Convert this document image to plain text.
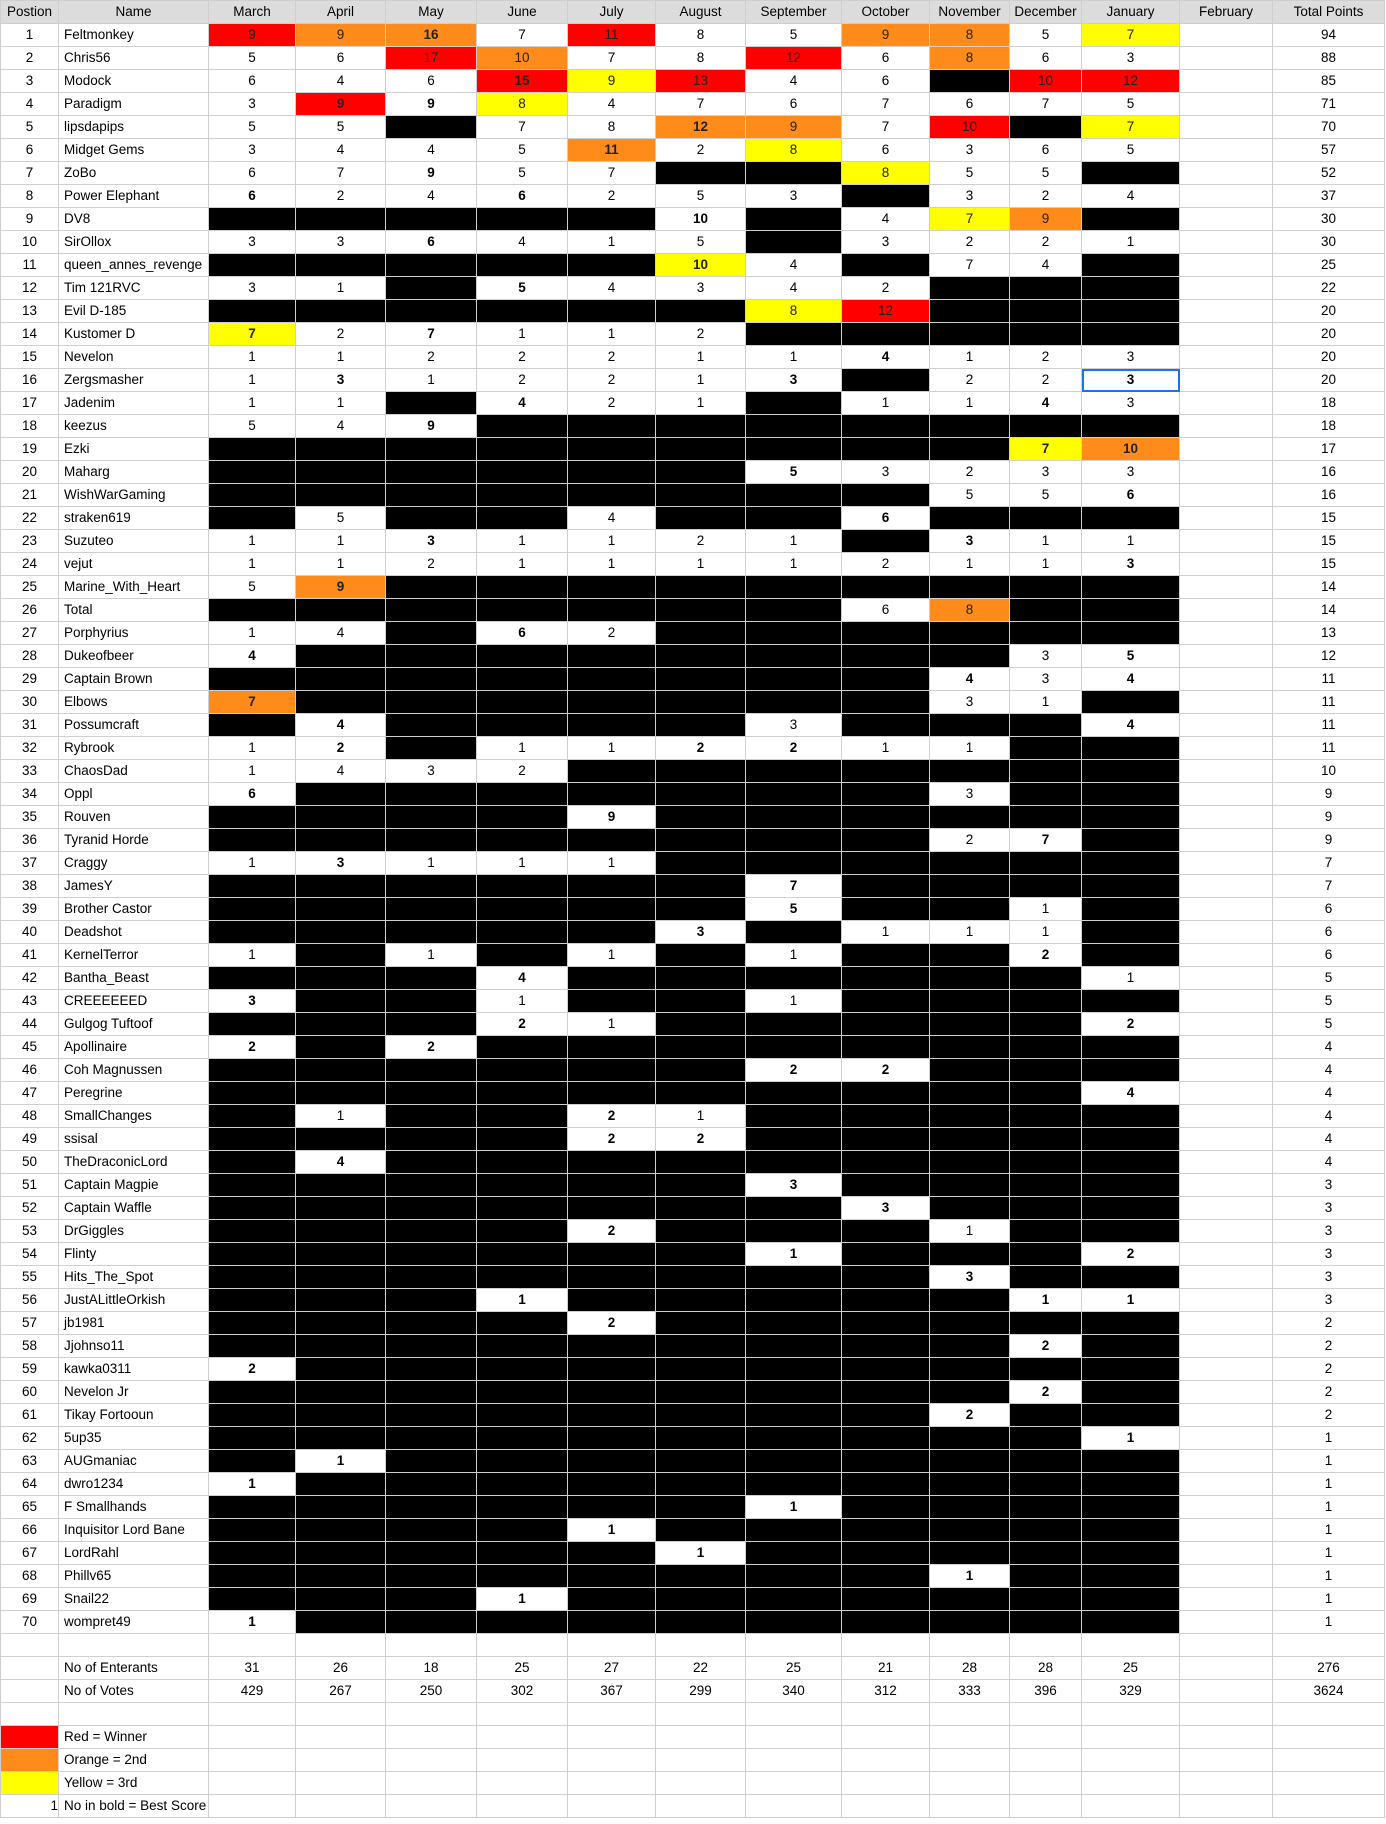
Postion	Name	March	April	May	June	July	August	September	October	November	December	January	February	Total Points
1	Feltmonkey	9	9	16	7	11	8	5	9	8	5	7		94
2	Chris56	5	6	17	10	7	8	12	6	8	6	3		88
3	Modock	6	4	6	15	9	13	4	6		10	12		85
4	Paradigm	3	9	9	8	4	7	6	7	6	7	5		71
5	lipsdapips	5	5		7	8	12	9	7	10		7		70
6	Midget Gems	3	4	4	5	11	2	8	6	3	6	5		57
7	ZoBo	6	7	9	5	7			8	5	5			52
8	Power Elephant	6	2	4	6	2	5	3		3	2	4		37
9	DV8						10		4	7	9			30
10	SirOllox	3	3	6	4	1	5		3	2	2	1		30
11	queen_annes_revenge						10	4		7	4			25
12	Tim 121RVC	3	1		5	4	3	4	2					22
13	Evil D-185							8	12					20
14	Kustomer D	7	2	7	1	1	2							20
15	Nevelon	1	1	2	2	2	1	1	4	1	2	3		20
16	Zergsmasher	1	3	1	2	2	1	3		2	2	3		20
17	Jadenim	1	1		4	2	1		1	1	4	3		18
18	keezus	5	4	9										18
19	Ezki										7	10		17
20	Maharg							5	3	2	3	3		16
21	WishWarGaming									5	5	6		16
22	straken619		5			4			6					15
23	Suzuteo	1	1	3	1	1	2	1		3	1	1		15
24	vejut	1	1	2	1	1	1	1	2	1	1	3		15
25	Marine_With_Heart	5	9											14
26	Total								6	8				14
27	Porphyrius	1	4		6	2								13
28	Dukeofbeer	4									3	5		12
29	Captain Brown									4	3	4		11
30	Elbows	7								3	1			11
31	Possumcraft		4					3				4		11
32	Rybrook	1	2		1	1	2	2	1	1				11
33	ChaosDad	1	4	3	2									10
34	Oppl	6								3				9
35	Rouven					9								9
36	Tyranid Horde									2	7			9
37	Craggy	1	3	1	1	1								7
38	JamesY							7						7
39	Brother Castor							5			1			6
40	Deadshot						3		1	1	1			6
41	KernelTerror	1		1		1		1			2			6
42	Bantha_Beast				4							1		5
43	CREEEEEED	3			1			1						5
44	Gulgog Tuftoof				2	1						2		5
45	Apollinaire	2		2										4
46	Coh Magnussen							2	2					4
47	Peregrine											4		4
48	SmallChanges		1			2	1							4
49	ssisal					2	2							4
50	TheDraconicLord		4											4
51	Captain Magpie							3						3
52	Captain Waffle								3					3
53	DrGiggles					2				1				3
54	Flinty							1				2		3
55	Hits_The_Spot									3				3
56	JustALittleOrkish				1						1	1		3
57	jb1981					2								2
58	Jjohnso11										2			2
59	kawka0311	2												2
60	Nevelon Jr										2			2
61	Tikay Fortooun									2				2
62	5up35											1		1
63	AUGmaniac		1											1
64	dwro1234	1												1
65	F Smallhands							1						1
66	Inquisitor Lord Bane					1								1
67	LordRahl						1							1
68	Phillv65									1				1
69	Snail22				1									1
70	wompret49	1												1

	No of Enterants	31	26	18	25	27	22	25	21	28	28	25		276
	No of Votes	429	267	250	302	367	299	340	312	333	396	329		3624

	Red = Winner													
	Orange = 2nd													
	Yellow = 3rd													
1	No in bold = Best Score													
